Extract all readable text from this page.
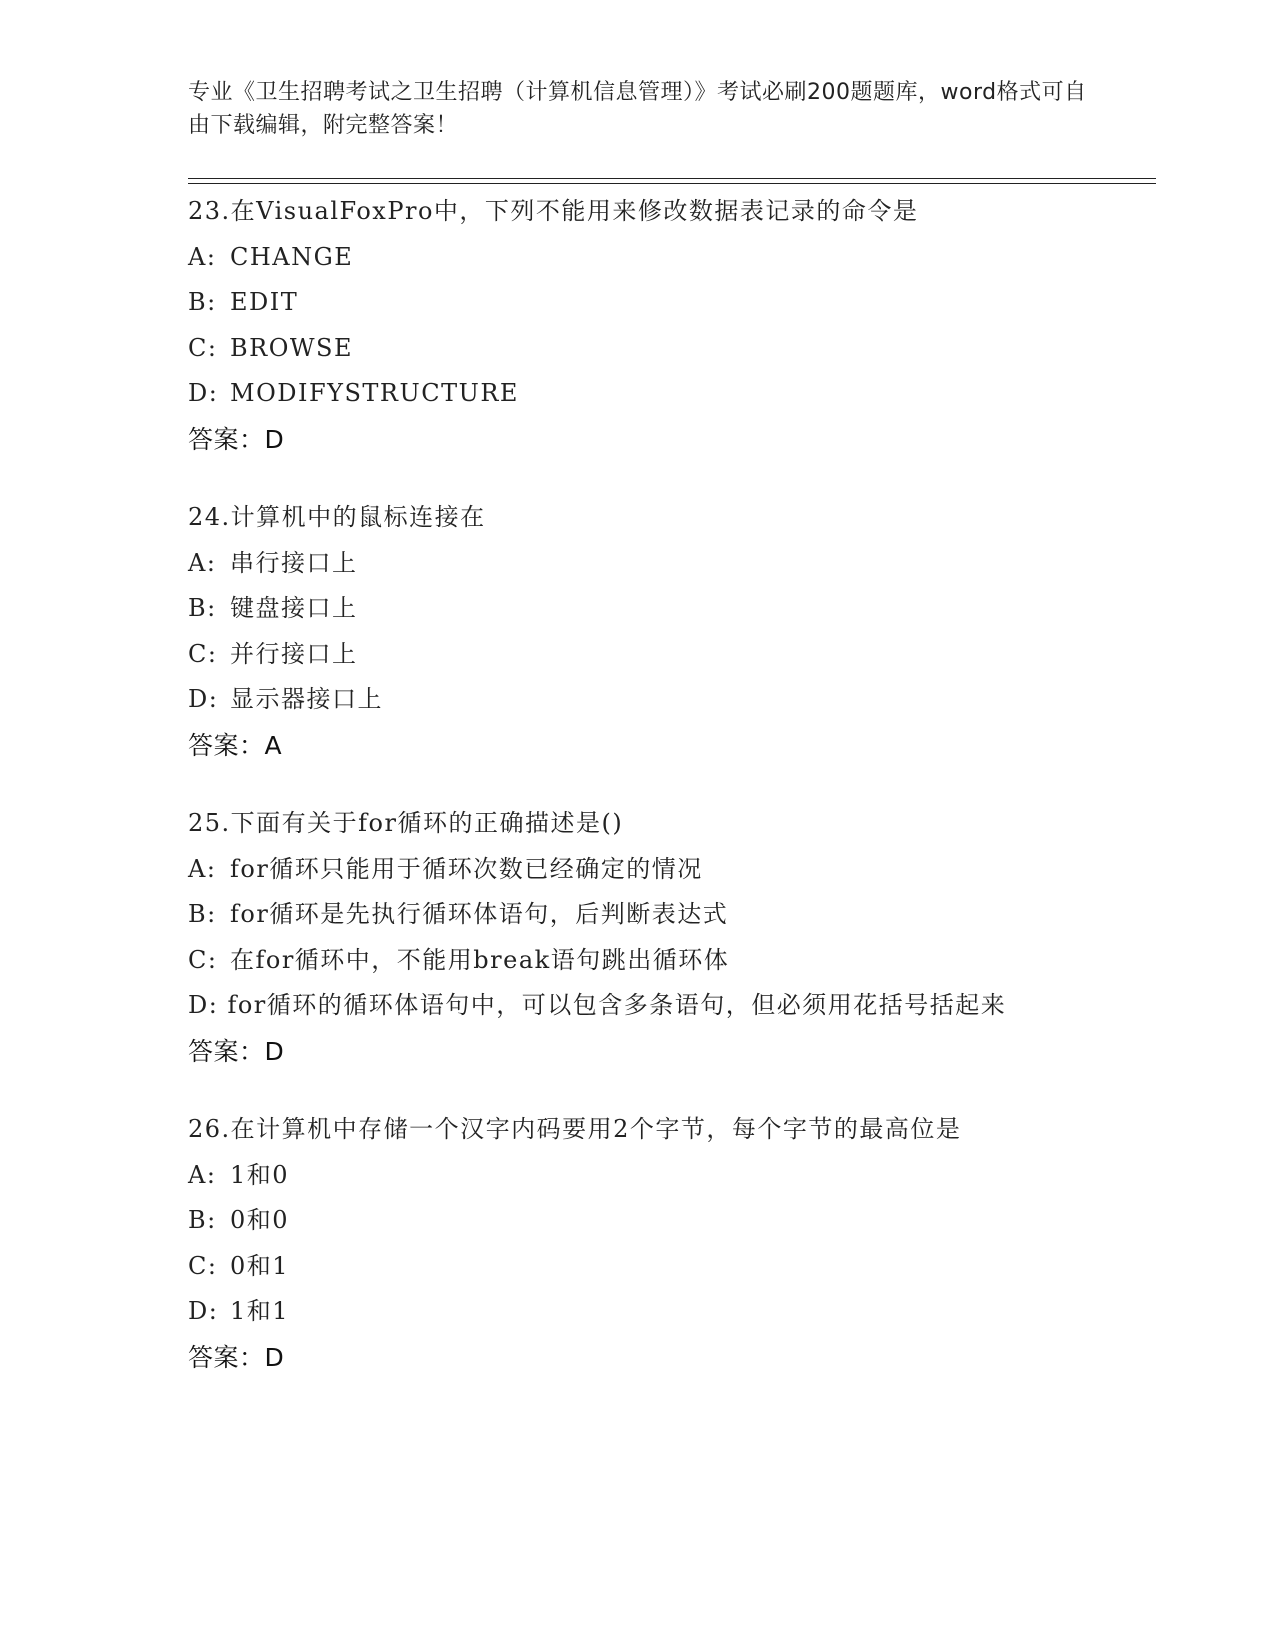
专业《卫生招聘考试之卫生招聘（计算机信息管理）》考试必刷200题题库，word格式可自由下载编辑，附完整答案！
23.在VisualFoxPro中，下列不能用来修改数据表记录的命令是
A: CHANGE
B: EDIT
C: BROWSE
D: MODIFYSTRUCTURE
答案：D
24.计算机中的鼠标连接在
A: 串行接口上
B: 键盘接口上
C: 并行接口上
D: 显示器接口上
答案：A
25.下面有关于for循环的正确描述是()
A: for循环只能用于循环次数已经确定的情况
B: for循环是先执行循环体语句，后判断表达式
C: 在for循环中，不能用break语句跳出循环体
D: for循环的循环体语句中，可以包含多条语句，但必须用花括号括起来
答案：D
26.在计算机中存储一个汉字内码要用2个字节，每个字节的最高位是
A: 1和0
B: 0和0
C: 0和1
D: 1和1
答案：D
